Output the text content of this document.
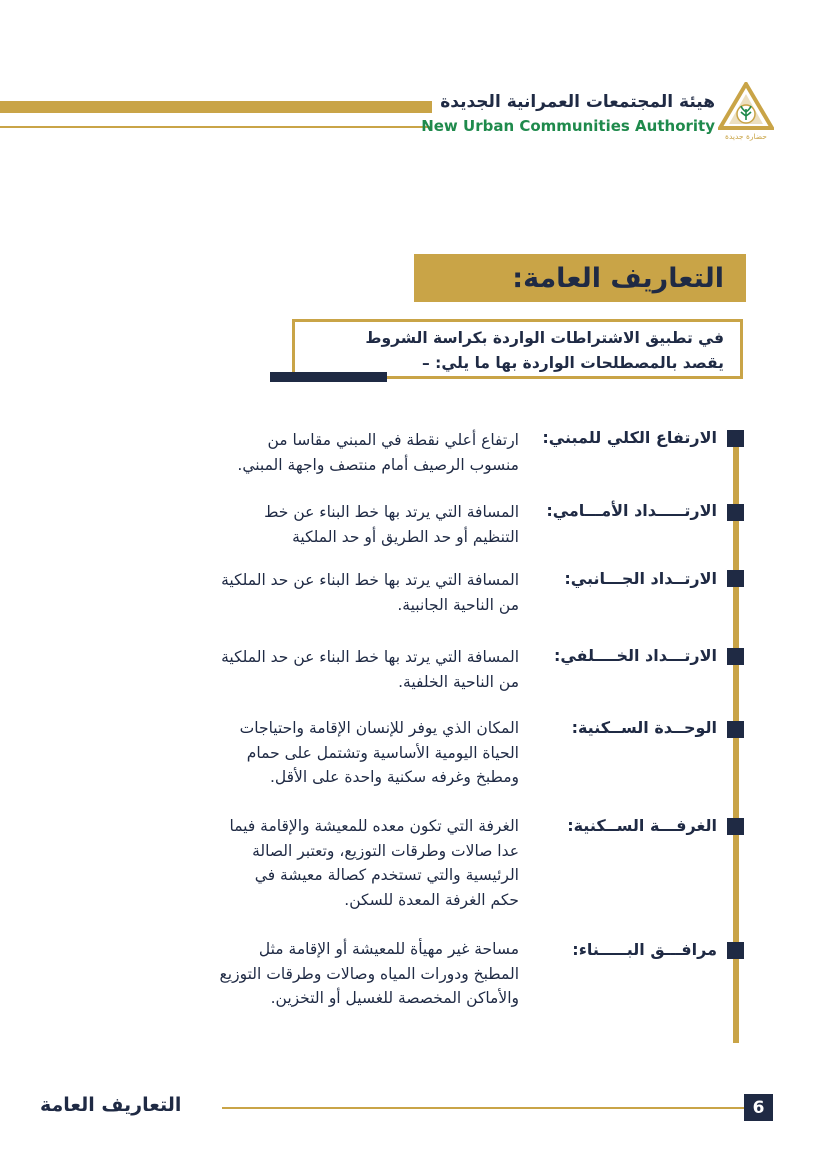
هيئة المجتمعات العمرانية الجديدة
New Urban Communities Authority
حضارة جديدة
التعاريف العامة:
في تطبيق الاشتراطات الواردة بكراسة الشروط
يقصد بالمصطلحات الواردة بها ما يلي: –
الارتفاع الكلي للمبني:
ارتفاع أعلي نقطة في المبني مقاسا من
منسوب الرصيف أمام منتصف واجهة المبني.
الارتـــــداد الأمـــامي:
المسافة التي يرتد بها خط البناء عن خط
التنظيم أو حد الطريق أو حد الملكية
الارتــداد الجـــانبي:
المسافة التي يرتد بها خط البناء عن حد الملكية
من الناحية الجانبية.
الارتـــداد الخــــلفي:
المسافة التي يرتد بها خط البناء عن حد الملكية
من الناحية الخلفية.
الوحــدة الســكنية:
المكان الذي يوفر للإنسان الإقامة واحتياجات
الحياة اليومية الأساسية وتشتمل على حمام
ومطبخ وغرفه سكنية واحدة على الأقل.
الغرفـــة الســكنية:
الغرفة التي تكون معده للمعيشة والإقامة فيما
عدا صالات وطرقات التوزيع، وتعتبر الصالة
الرئيسية والتي تستخدم كصالة معيشة في
حكم الغرفة المعدة للسكن.
مرافـــق البـــــناء:
مساحة غير مهيأة للمعيشة أو الإقامة مثل
المطبخ ودورات المياه وصالات وطرقات التوزيع
والأماكن المخصصة للغسيل أو التخزين.
التعاريف العامة	6
